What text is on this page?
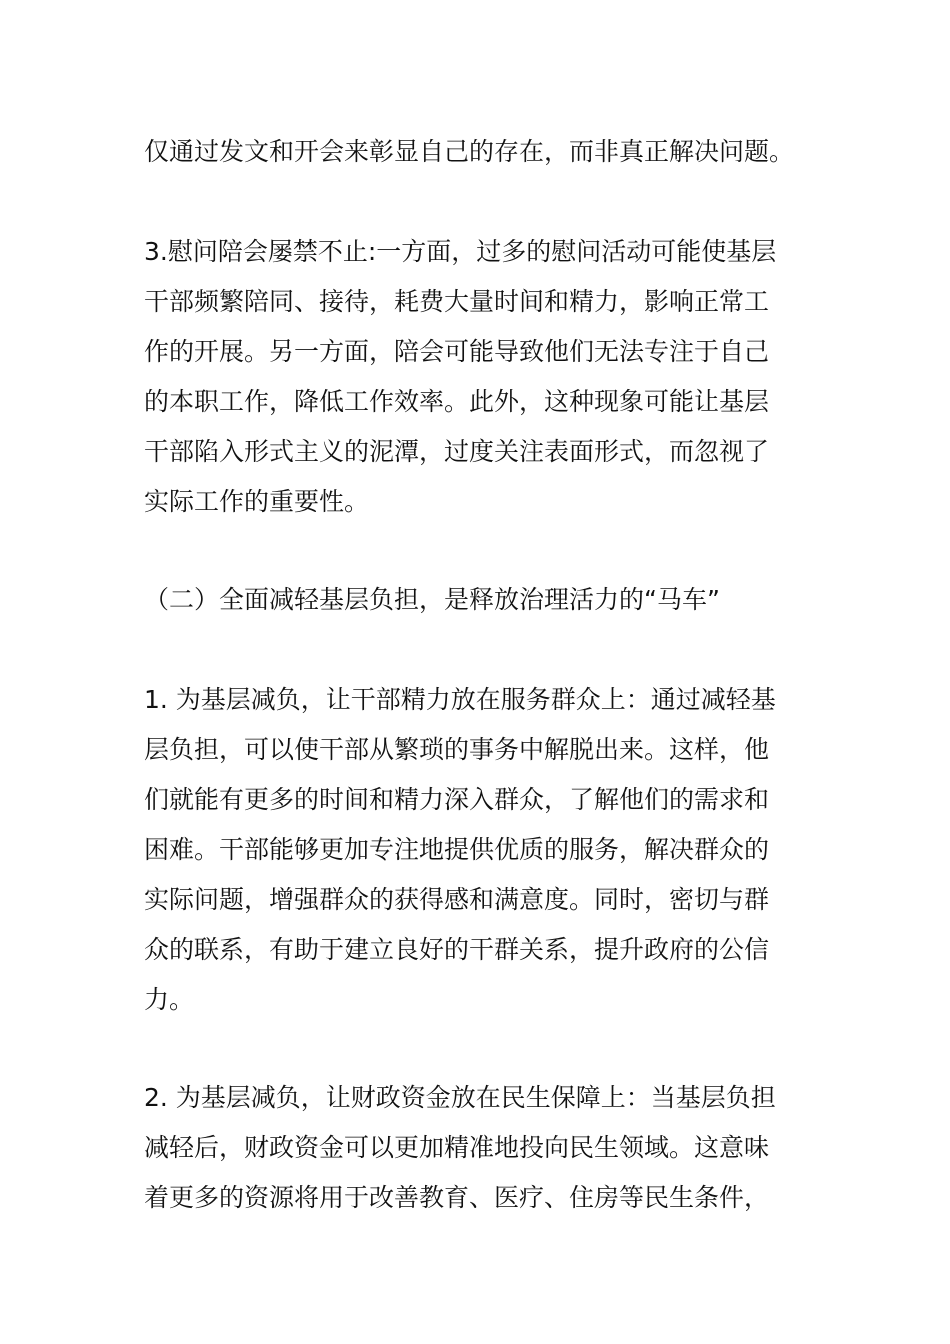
仅通过发文和开会来彰显自己的存在，而非真正解决问题。

3.慰问陪会屡禁不止:一方面，过多的慰问活动可能使基层
干部频繁陪同、接待，耗费大量时间和精力，影响正常工
作的开展。另一方面，陪会可能导致他们无法专注于自己
的本职工作，降低工作效率。此外，这种现象可能让基层
干部陷入形式主义的泥潭，过度关注表面形式，而忽视了
实际工作的重要性。

（二）全面减轻基层负担，是释放治理活力的“马车”

1. 为基层减负，让干部精力放在服务群众上：通过减轻基
层负担，可以使干部从繁琐的事务中解脱出来。这样，他
们就能有更多的时间和精力深入群众，了解他们的需求和
困难。干部能够更加专注地提供优质的服务，解决群众的
实际问题，增强群众的获得感和满意度。同时，密切与群
众的联系，有助于建立良好的干群关系，提升政府的公信
力。

2. 为基层减负，让财政资金放在民生保障上：当基层负担
减轻后，财政资金可以更加精准地投向民生领域。这意味
着更多的资源将用于改善教育、医疗、住房等民生条件，
